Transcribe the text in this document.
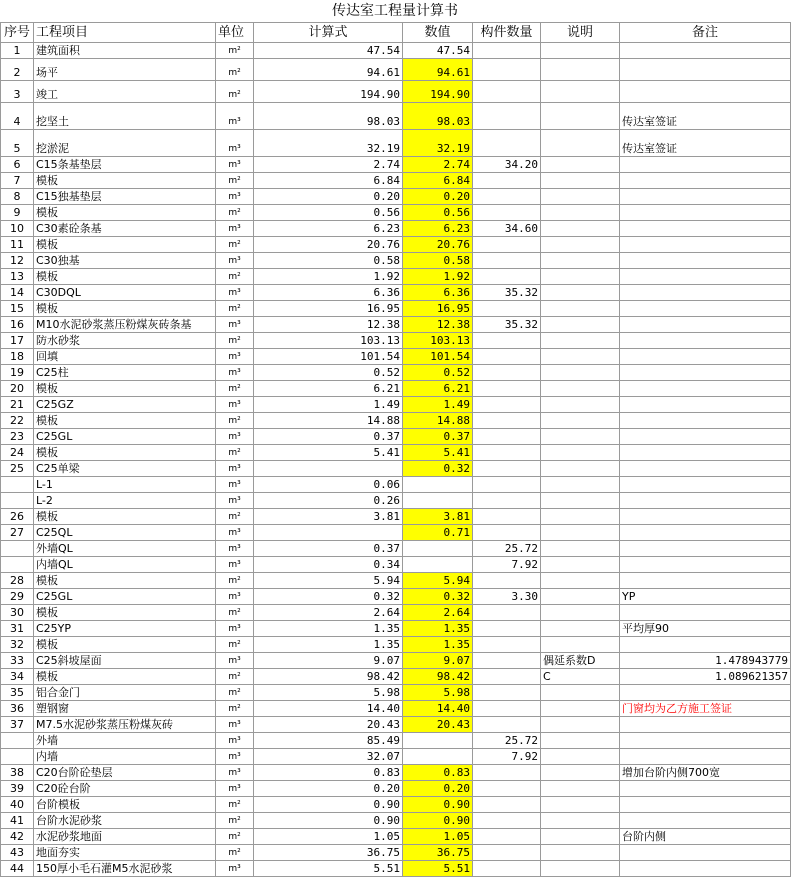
传达室工程量计算书
序号	工程项目	单位	计算式	数值	构件数量	说明	备注
1	建筑面积	m²	47.54	47.54			
2	场平	m²	94.61	94.61			
3	竣工	m²	194.90	194.90			
4	挖坚土	m³	98.03	98.03			传达室签证
5	挖淤泥	m³	32.19	32.19			传达室签证
6	C15条基垫层	m³	2.74	2.74	34.20		
7	模板	m²	6.84	6.84			
8	C15独基垫层	m³	0.20	0.20			
9	模板	m²	0.56	0.56			
10	C30素砼条基	m³	6.23	6.23	34.60		
11	模板	m²	20.76	20.76			
12	C30独基	m³	0.58	0.58			
13	模板	m²	1.92	1.92			
14	C30DQL	m³	6.36	6.36	35.32		
15	模板	m²	16.95	16.95			
16	M10水泥砂浆蒸压粉煤灰砖条基	m³	12.38	12.38	35.32		
17	防水砂浆	m²	103.13	103.13			
18	回填	m³	101.54	101.54			
19	C25柱	m³	0.52	0.52			
20	模板	m²	6.21	6.21			
21	C25GZ	m³	1.49	1.49			
22	模板	m²	14.88	14.88			
23	C25GL	m³	0.37	0.37			
24	模板	m²	5.41	5.41			
25	C25单梁	m³		0.32			
	L-1	m³	0.06				
	L-2	m³	0.26				
26	模板	m²	3.81	3.81			
27	C25QL	m³		0.71			
	外墙QL	m³	0.37		25.72		
	内墙QL	m³	0.34		7.92		
28	模板	m²	5.94	5.94			
29	C25GL	m³	0.32	0.32	3.30		YP
30	模板	m²	2.64	2.64			
31	C25YP	m³	1.35	1.35			平均厚90
32	模板	m²	1.35	1.35			
33	C25斜坡屋面	m³	9.07	9.07		偶延系数D	1.478943779
34	模板	m²	98.42	98.42		C	1.089621357
35	铝合金门	m²	5.98	5.98			
36	塑钢窗	m²	14.40	14.40			门窗均为乙方施工签证
37	M7.5水泥砂浆蒸压粉煤灰砖	m³	20.43	20.43			
	外墙	m³	85.49		25.72		
	内墙	m³	32.07		7.92		
38	C20台阶砼垫层	m³	0.83	0.83			增加台阶内侧700宽
39	C20砼台阶	m³	0.20	0.20			
40	台阶模板	m²	0.90	0.90			
41	台阶水泥砂浆	m²	0.90	0.90			
42	水泥砂浆地面	m²	1.05	1.05			台阶内侧
43	地面夯实	m²	36.75	36.75			
44	150厚小毛石灌M5水泥砂浆	m³	5.51	5.51			
